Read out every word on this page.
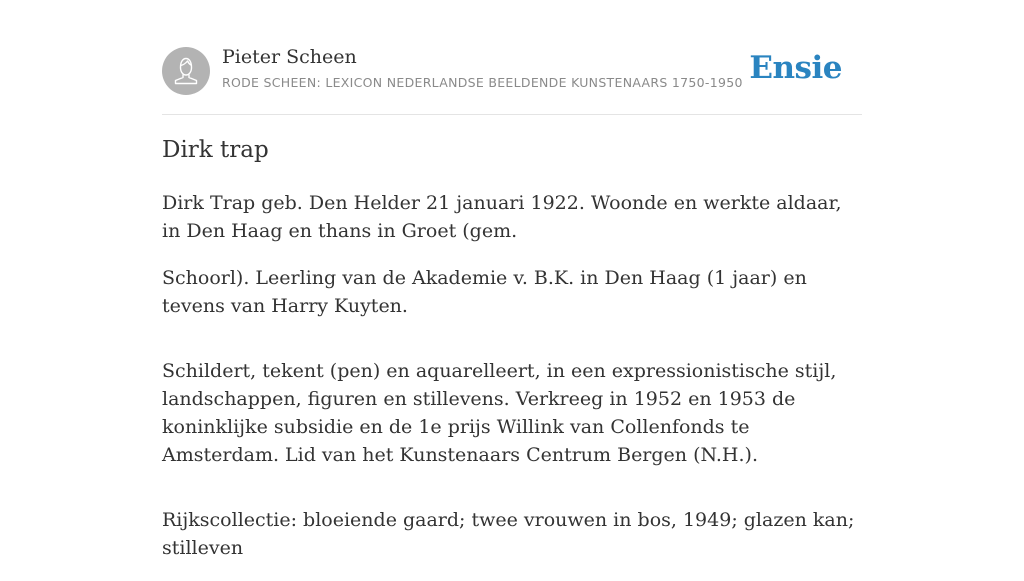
Pieter Scheen
RODE SCHEEN: LEXICON NEDERLANDSE BEELDENDE KUNSTENAARS 1750-1950 Ensie
Dirk trap

Dirk Trap geb. Den Helder 21 januari 1922. Woonde en werkte aldaar, in Den Haag en thans in Groet (gem.

Schoorl). Leerling van de Akademie v. B.K. in Den Haag (1 jaar) en tevens van Harry Kuyten.

Schildert, tekent (pen) en aquarelleert, in een expressionistische stijl, landschappen, figuren en stillevens. Verkreeg in 1952 en 1953 de koninklijke subsidie en de 1e prijs Willink van Collenfonds te Amsterdam. Lid van het Kunstenaars Centrum Bergen (N.H.).

Rijkscollectie: bloeiende gaard; twee vrouwen in bos, 1949; glazen kan; stilleven
